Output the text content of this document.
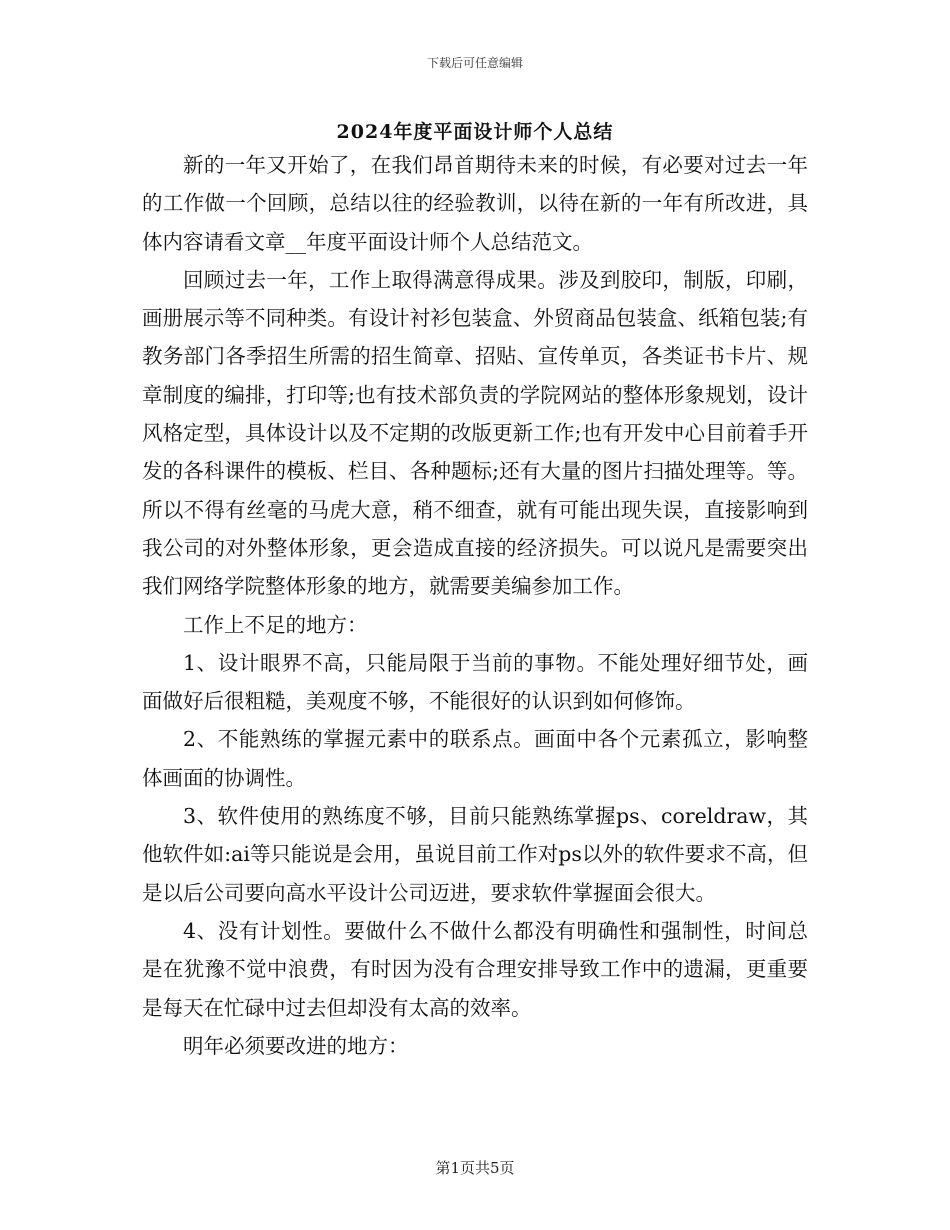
下载后可任意编辑
2024年度平面设计师个人总结

新的一年又开始了，在我们昂首期待未来的时候，有必要对过去一年的工作做一个回顾，总结以往的经验教训，以待在新的一年有所改进，具体内容请看文章__年度平面设计师个人总结范文。

回顾过去一年，工作上取得满意得成果。涉及到胶印，制版，印刷，画册展示等不同种类。有设计衬衫包装盒、外贸商品包装盒、纸箱包装;有教务部门各季招生所需的招生简章、招贴、宣传单页，各类证书卡片、规章制度的编排，打印等;也有技术部负责的学院网站的整体形象规划，设计风格定型，具体设计以及不定期的改版更新工作;也有开发中心目前着手开发的各科课件的模板、栏目、各种题标;还有大量的图片扫描处理等。等。所以不得有丝毫的马虎大意，稍不细查，就有可能出现失误，直接影响到我公司的对外整体形象，更会造成直接的经济损失。可以说凡是需要突出我们网络学院整体形象的地方，就需要美编参加工作。

工作上不足的地方：

1、设计眼界不高，只能局限于当前的事物。不能处理好细节处，画面做好后很粗糙，美观度不够，不能很好的认识到如何修饰。

2、不能熟练的掌握元素中的联系点。画面中各个元素孤立，影响整体画面的协调性。

3、软件使用的熟练度不够，目前只能熟练掌握ps、coreldraw，其他软件如:ai等只能说是会用，虽说目前工作对ps以外的软件要求不高，但是以后公司要向高水平设计公司迈进，要求软件掌握面会很大。

4、没有计划性。要做什么不做什么都没有明确性和强制性，时间总是在犹豫不觉中浪费，有时因为没有合理安排导致工作中的遗漏，更重要是每天在忙碌中过去但却没有太高的效率。

明年必须要改进的地方：

第1页共5页
